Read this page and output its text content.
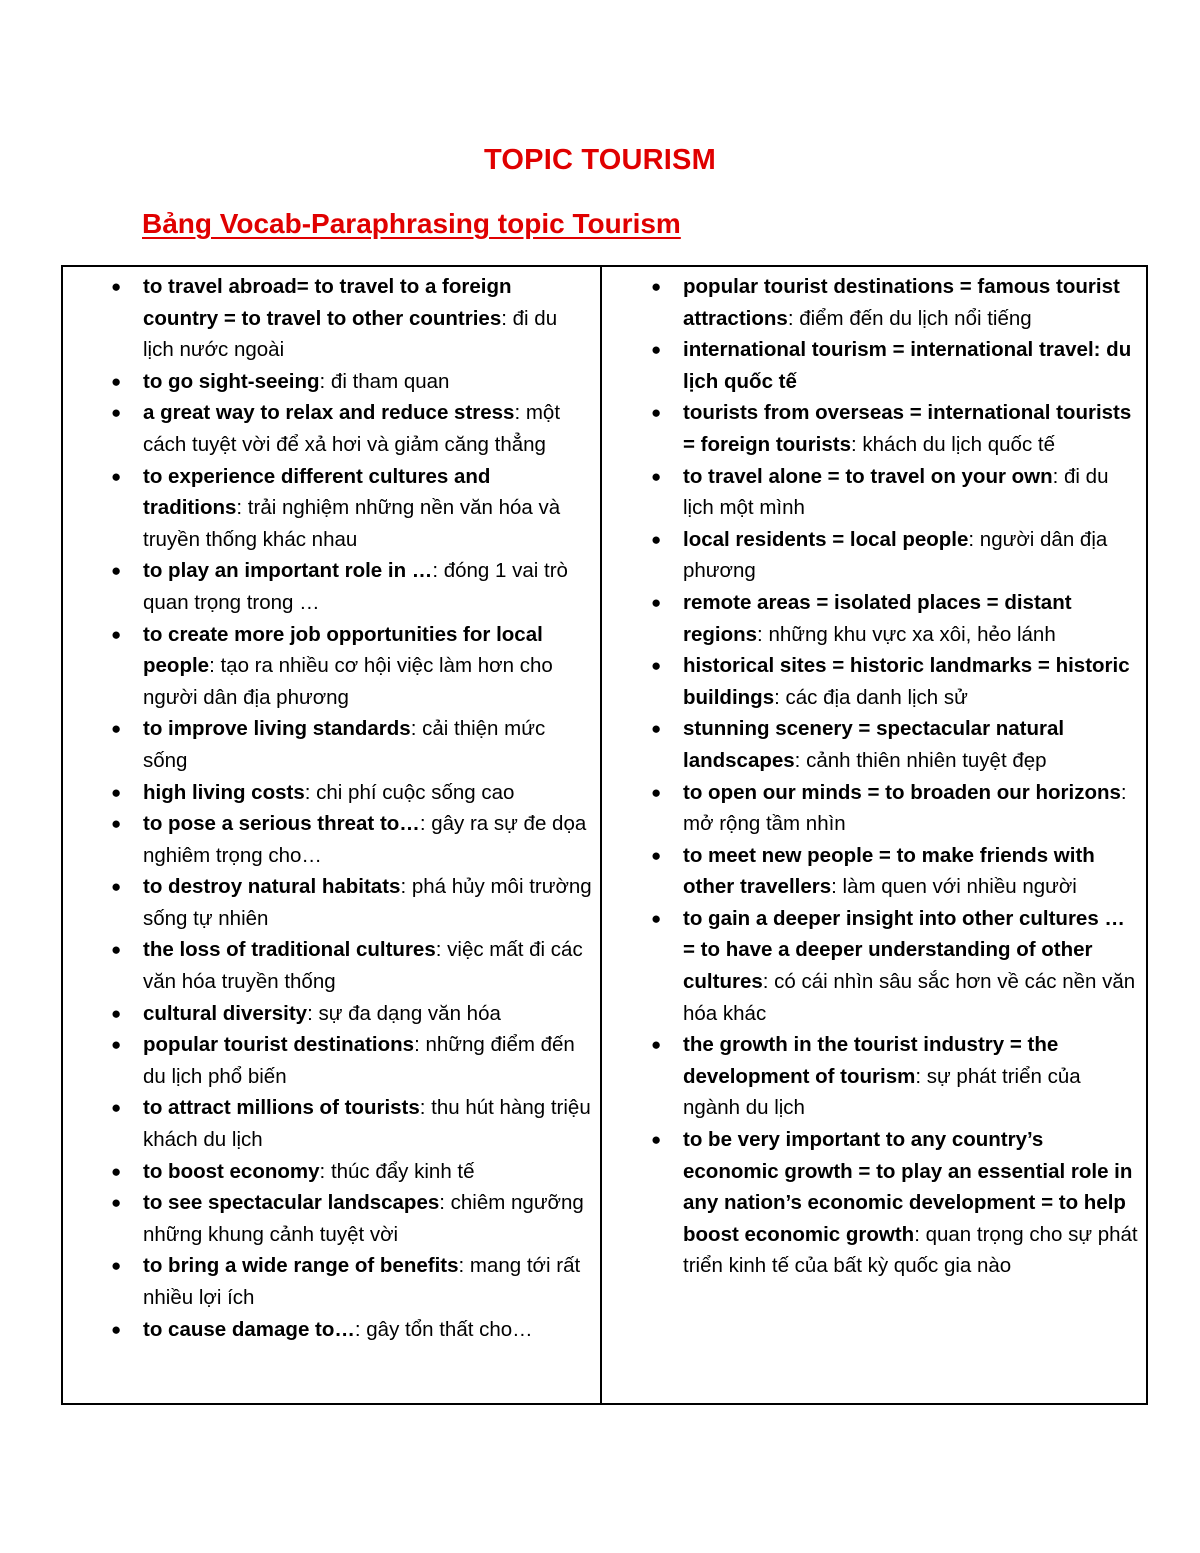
TOPIC TOURISM
Bảng Vocab-Paraphrasing topic Tourism
● to travel abroad= to travel to a foreign country = to travel to other countries: đi du lịch nước ngoài
● to go sight-seeing: đi tham quan
● a great way to relax and reduce stress: một cách tuyệt vời để xả hơi và giảm căng thẳng
● to experience different cultures and traditions: trải nghiệm những nền văn hóa và truyền thống khác nhau
● to play an important role in …: đóng 1 vai trò quan trọng trong …
● to create more job opportunities for local people: tạo ra nhiều cơ hội việc làm hơn cho người dân địa phương
● to improve living standards: cải thiện mức sống
● high living costs: chi phí cuộc sống cao
● to pose a serious threat to…: gây ra sự đe dọa nghiêm trọng cho…
● to destroy natural habitats: phá hủy môi trường sống tự nhiên
● the loss of traditional cultures: việc mất đi các văn hóa truyền thống
● cultural diversity: sự đa dạng văn hóa
● popular tourist destinations: những điểm đến du lịch phổ biến
● to attract millions of tourists: thu hút hàng triệu khách du lịch
● to boost economy: thúc đẩy kinh tế
● to see spectacular landscapes: chiêm ngưỡng những khung cảnh tuyệt vời
● to bring a wide range of benefits: mang tới rất nhiều lợi ích
● to cause damage to…: gây tổn thất cho…
● popular tourist destinations = famous tourist attractions: điểm đến du lịch nổi tiếng
● international tourism = international travel: du lịch quốc tế
● tourists from overseas = international tourists = foreign tourists: khách du lịch quốc tế
● to travel alone = to travel on your own: đi du lịch một mình
● local residents = local people: người dân địa phương
● remote areas = isolated places = distant regions: những khu vực xa xôi, hẻo lánh
● historical sites = historic landmarks = historic buildings: các địa danh lịch sử
● stunning scenery = spectacular natural landscapes: cảnh thiên nhiên tuyệt đẹp
● to open our minds = to broaden our horizons: mở rộng tầm nhìn
● to meet new people = to make friends with other travellers: làm quen với nhiều người
● to gain a deeper insight into other cultures … = to have a deeper understanding of other cultures: có cái nhìn sâu sắc hơn về các nền văn hóa khác
● the growth in the tourist industry = the development of tourism: sự phát triển của ngành du lịch
● to be very important to any country’s economic growth = to play an essential role in any nation’s economic development = to help boost economic growth: quan trọng cho sự phát triển kinh tế của bất kỳ quốc gia nào
